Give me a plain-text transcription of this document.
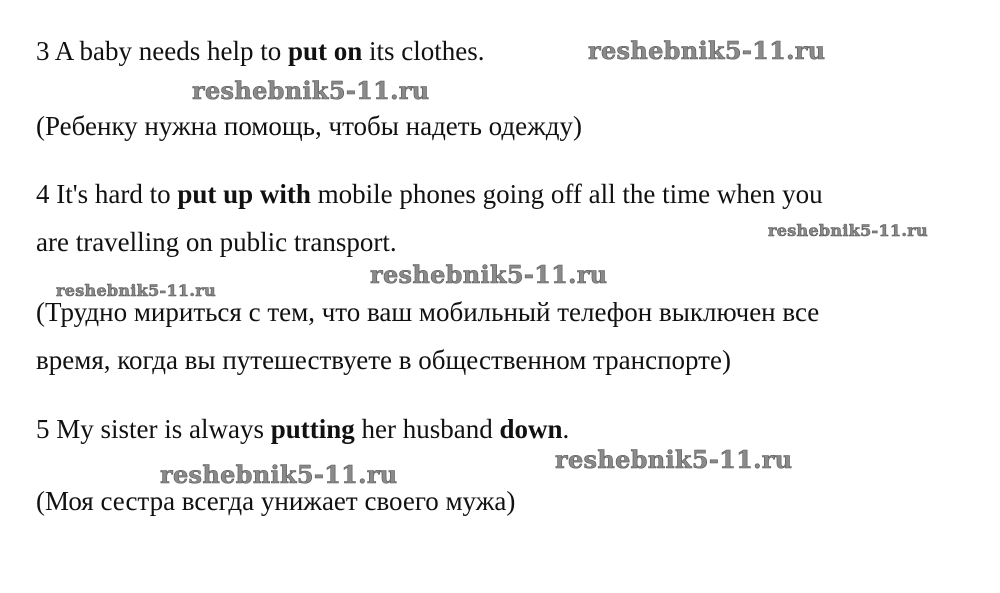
3 A baby needs help to put on its clothes.
(Ребенку нужна помощь, чтобы надеть одежду)
4 It's hard to put up with mobile phones going off all the time when you
are travelling on public transport.
(Трудно мириться с тем, что ваш мобильный телефон выключен все
время, когда вы путешествуете в общественном транспорте)
5 My sister is always putting her husband down.
(Моя сестра всегда унижает своего мужа)
reshebnik5-11.ru
reshebnik5-11.ru
reshebnik5-11.ru
reshebnik5-11.ru
reshebnik5-11.ru
reshebnik5-11.ru
reshebnik5-11.ru
